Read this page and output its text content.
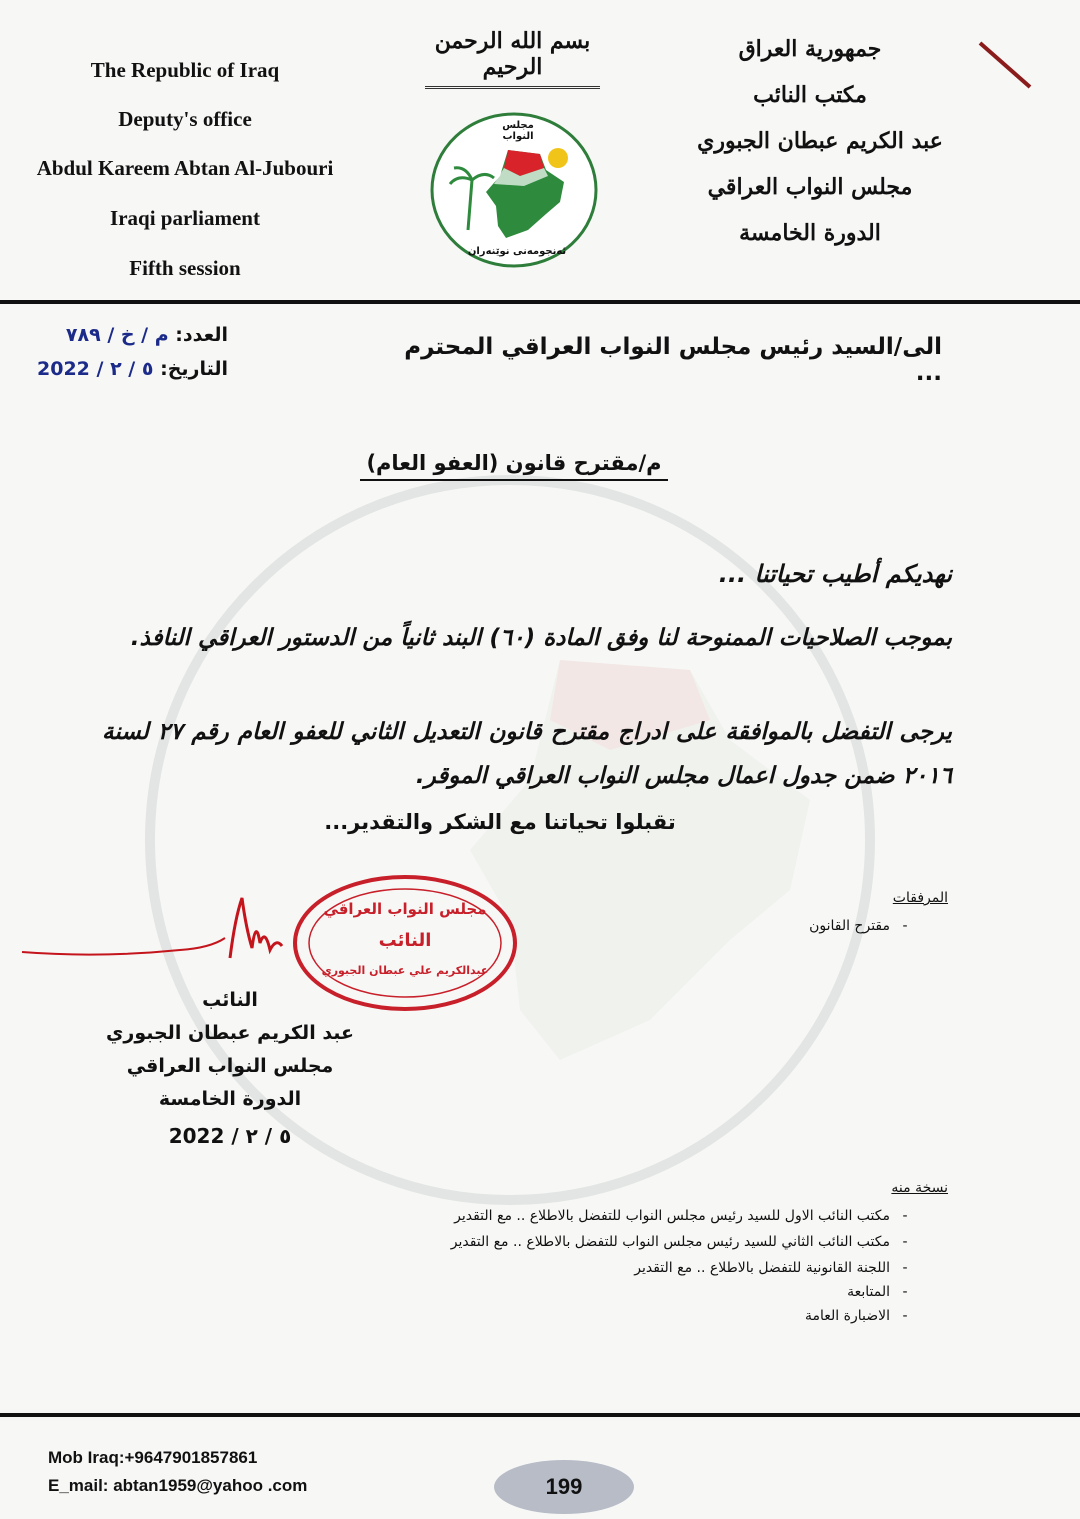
The Republic of Iraq
Deputy's office
Abdul Kareem Abtan Al-Jubouri
Iraqi parliament
Fifth session
جمهورية العراق
مكتب النائب
عبد الكريم عبطان الجبوري
مجلس النواب العراقي
الدورة الخامسة
بسم الله الرحمن الرحيم
مجلس النواب
ئەنجومەنی نوێنەران
العدد: م / خ / ٧٨٩
التاريخ: ٥ / ٢ / 2022
الى/السيد رئيس مجلس النواب العراقي المحترم ...
م/مقترح قانون (العفو العام)
نهديكم أطيب تحياتنا ...
بموجب الصلاحيات الممنوحة لنا وفق المادة (٦٠) البند ثانياً من الدستور العراقي النافذ.
يرجى التفضل بالموافقة على ادراج مقترح قانون التعديل الثاني للعفو العام رقم ٢٧ لسنة ٢٠١٦ ضمن جدول اعمال مجلس النواب العراقي الموقر.
تقبلوا تحياتنا مع الشكر والتقدير...
المرفقات
-مقترح القانون
مجلس النواب العراقي
النائب
عبدالكريم علي عبطان الجبوري
النائب
عبد الكريم عبطان الجبوري
مجلس النواب العراقي
الدورة الخامسة
٥ / ٢ / 2022
نسخة منه
-مكتب النائب الاول للسيد رئيس مجلس النواب للتفضل بالاطلاع .. مع التقدير
-مكتب النائب الثاني للسيد رئيس مجلس النواب للتفضل بالاطلاع .. مع التقدير
-اللجنة القانونية للتفضل بالاطلاع .. مع التقدير
-المتابعة
-الاضبارة العامة
Mob Iraq:+9647901857861
E_mail: abtan1959@yahoo .com	199
